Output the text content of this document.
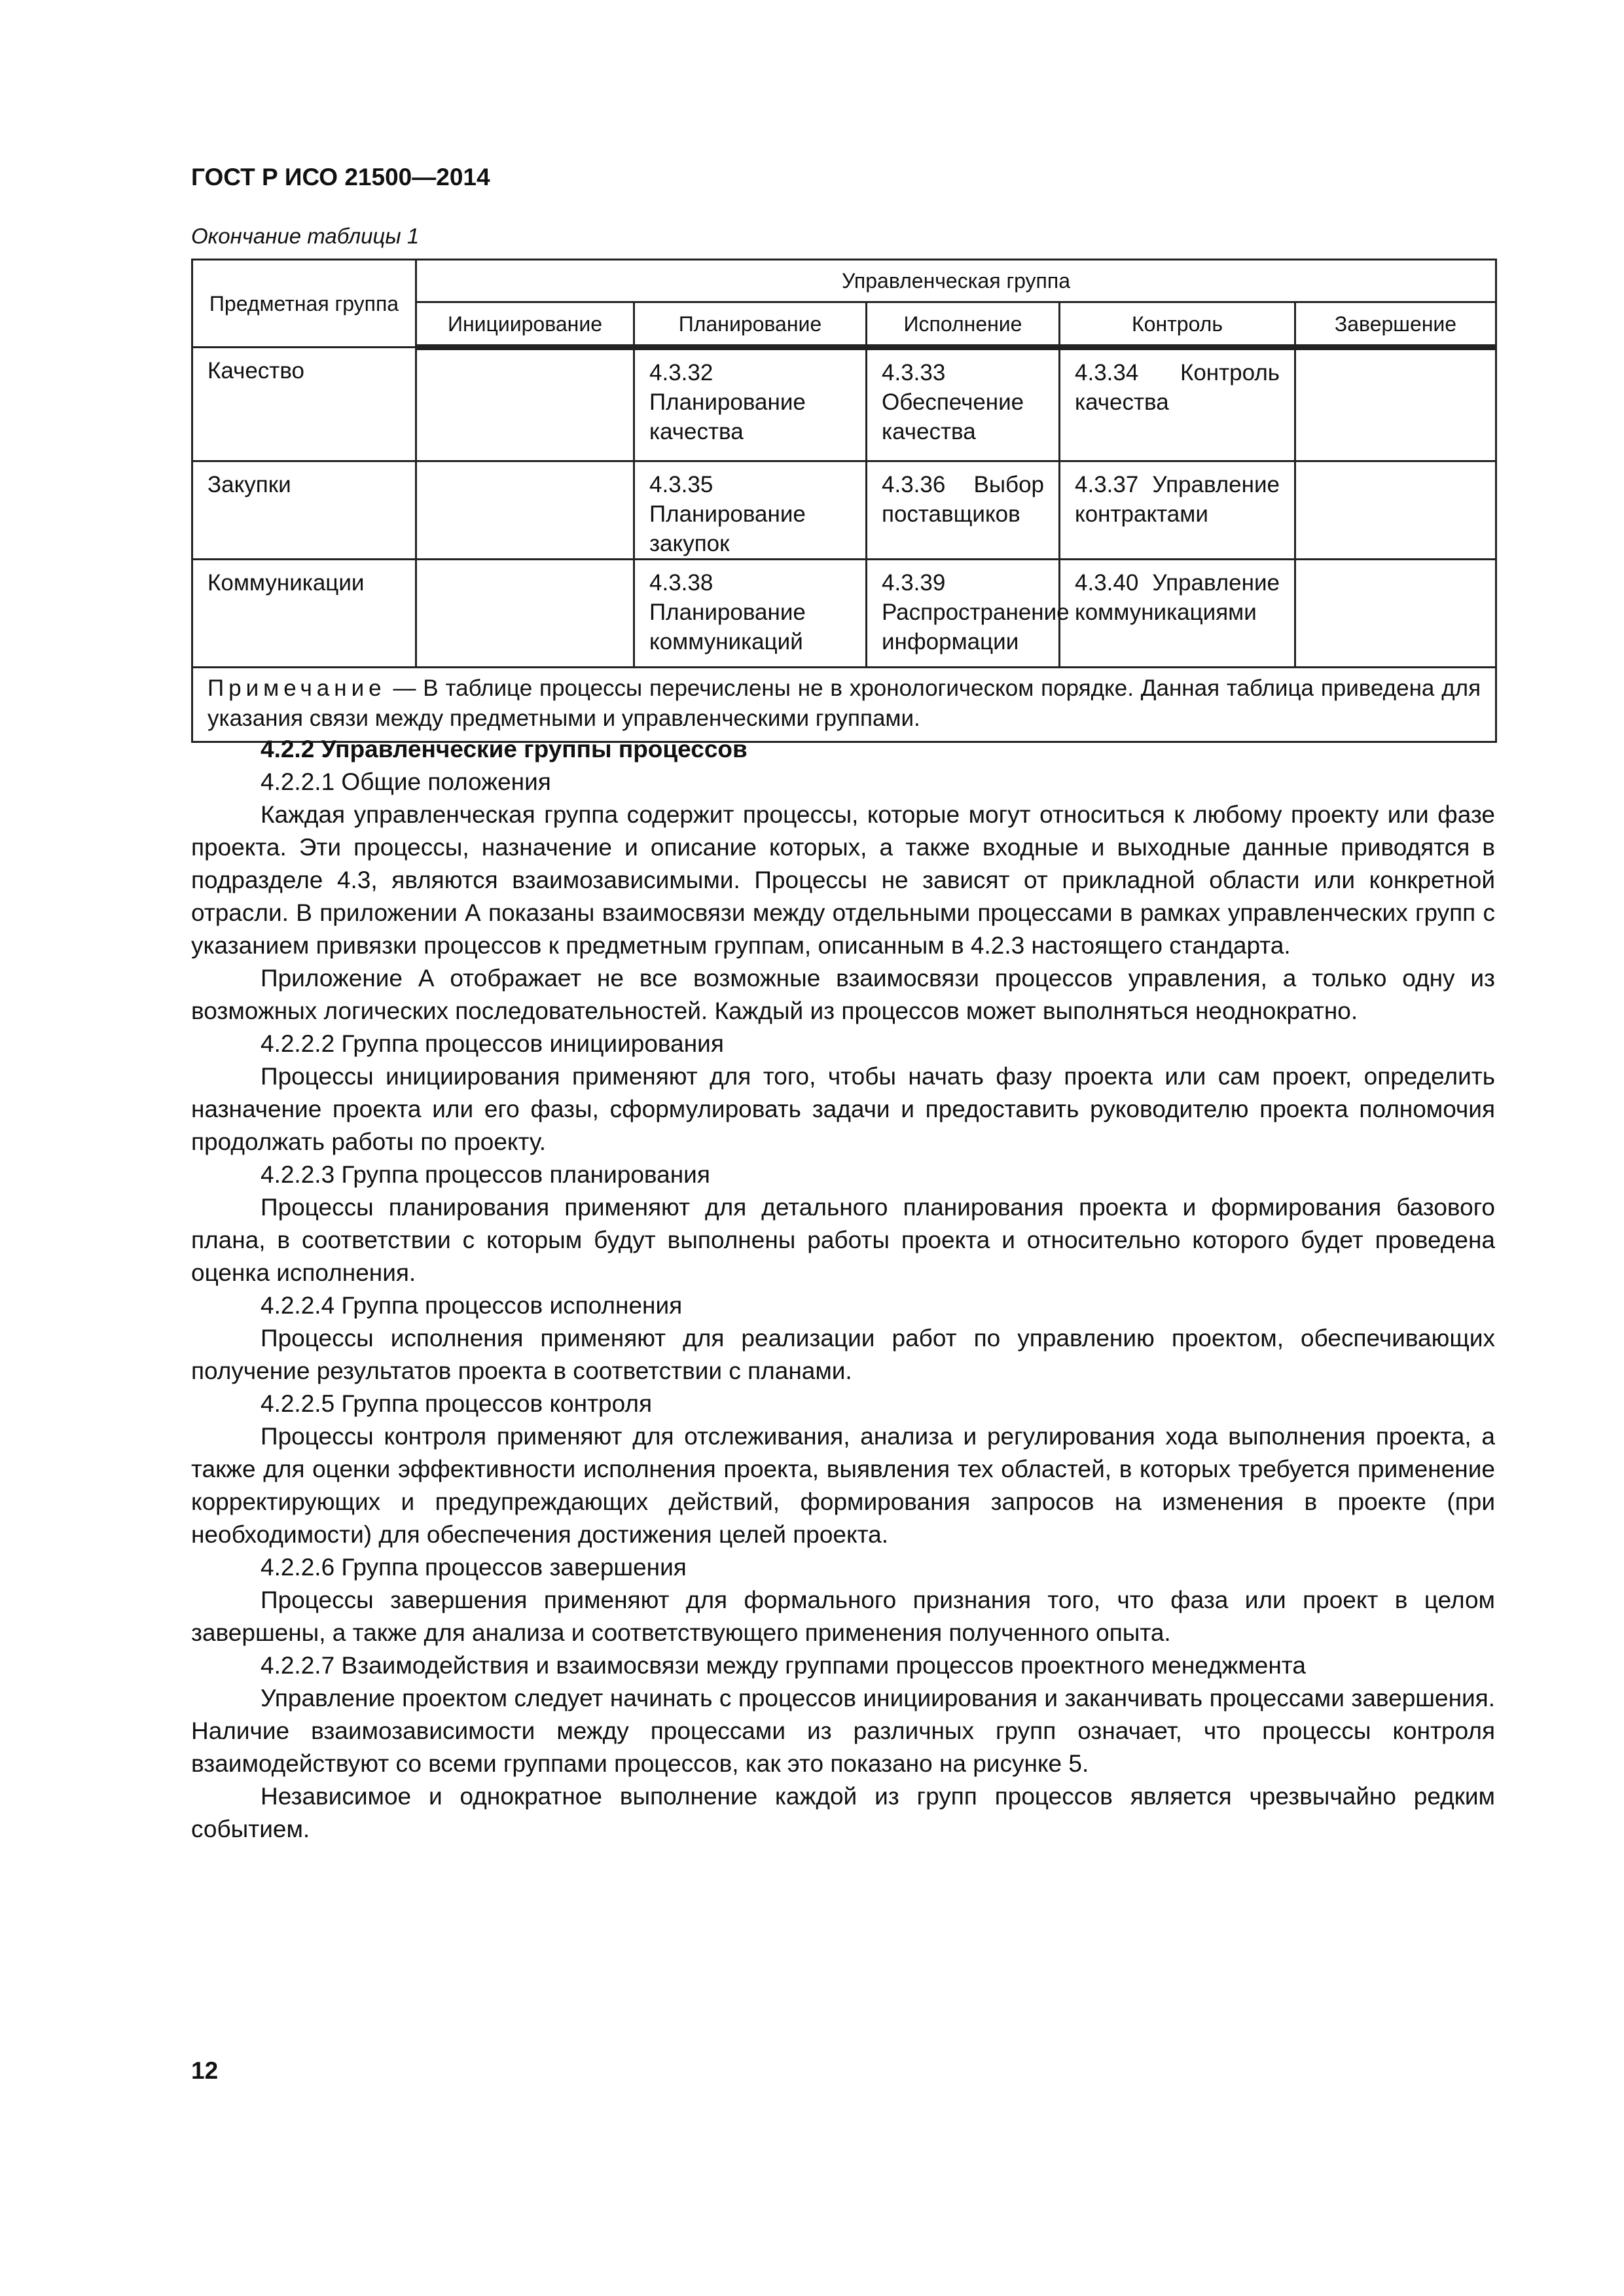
ГОСТ Р ИСО 21500—2014
Окончание таблицы 1
Предметная группа	Управленческая группа				
	Инициирование	Планирование	Исполнение	Контроль	Завершение
Качество		4.3.32 Планирование качества	4.3.33 Обеспечение качества	4.3.34 Контроль качества	
Закупки		4.3.35 Планирование закупок	4.3.36 Выбор поставщиков	4.3.37 Управление контрактами	
Коммуникации		4.3.38 Планирование коммуникаций	4.3.39 Распространение информации	4.3.40 Управление коммуникациями	
Примечание — В таблице процессы перечислены не в хронологическом порядке. Данная таблица приведена для указания связи между предметными и управленческими группами.					

4.2.2 Управленческие группы процессов

4.2.2.1 Общие положения

Каждая управленческая группа содержит процессы, которые могут относиться к любому проекту или фазе проекта. Эти процессы, назначение и описание которых, а также входные и выходные данные приводятся в подразделе 4.3, являются взаимозависимыми. Процессы не зависят от прикладной области или конкретной отрасли. В приложении А показаны взаимосвязи между отдельными процессами в рамках управленческих групп с указанием привязки процессов к предметным группам, описанным в 4.2.3 настоящего стандарта.

Приложение А отображает не все возможные взаимосвязи процессов управления, а только одну из возможных логических последовательностей. Каждый из процессов может выполняться неоднократно.

4.2.2.2 Группа процессов инициирования

Процессы инициирования применяют для того, чтобы начать фазу проекта или сам проект, определить назначение проекта или его фазы, сформулировать задачи и предоставить руководителю проекта полномочия продолжать работы по проекту.

4.2.2.3 Группа процессов планирования

Процессы планирования применяют для детального планирования проекта и формирования базового плана, в соответствии с которым будут выполнены работы проекта и относительно которого будет проведена оценка исполнения.

4.2.2.4 Группа процессов исполнения

Процессы исполнения применяют для реализации работ по управлению проектом, обеспечивающих получение результатов проекта в соответствии с планами.

4.2.2.5 Группа процессов контроля

Процессы контроля применяют для отслеживания, анализа и регулирования хода выполнения проекта, а также для оценки эффективности исполнения проекта, выявления тех областей, в которых требуется применение корректирующих и предупреждающих действий, формирования запросов на изменения в проекте (при необходимости) для обеспечения достижения целей проекта.

4.2.2.6 Группа процессов завершения

Процессы завершения применяют для формального признания того, что фаза или проект в целом завершены, а также для анализа и соответствующего применения полученного опыта.

4.2.2.7 Взаимодействия и взаимосвязи между группами процессов проектного менеджмента

Управление проектом следует начинать с процессов инициирования и заканчивать процессами завершения. Наличие взаимозависимости между процессами из различных групп означает, что процессы контроля взаимодействуют со всеми группами процессов, как это показано на рисунке 5.

Независимое и однократное выполнение каждой из групп процессов является чрезвычайно редким событием.

12
